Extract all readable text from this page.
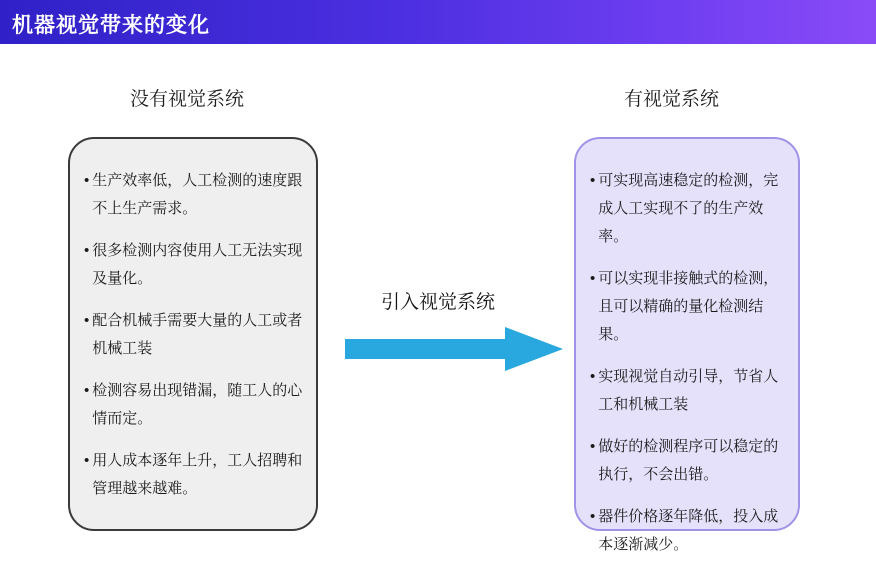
机器视觉带来的变化
没有视觉系统	有视觉系统
• 生产效率低，人工检测的速度跟不上生产需求。
• 很多检测内容使用人工无法实现及量化。
• 配合机械手需要大量的人工或者机械工装
• 检测容易出现错漏，随工人的心情而定。
• 用人成本逐年上升，工人招聘和管理越来越难。
引入视觉系统
• 可实现高速稳定的检测，完成人工实现不了的生产效率。
• 可以实现非接触式的检测，且可以精确的量化检测结果。
• 实现视觉自动引导，节省人工和机械工装
• 做好的检测程序可以稳定的执行，不会出错。
• 器件价格逐年降低，投入成本逐渐减少。
